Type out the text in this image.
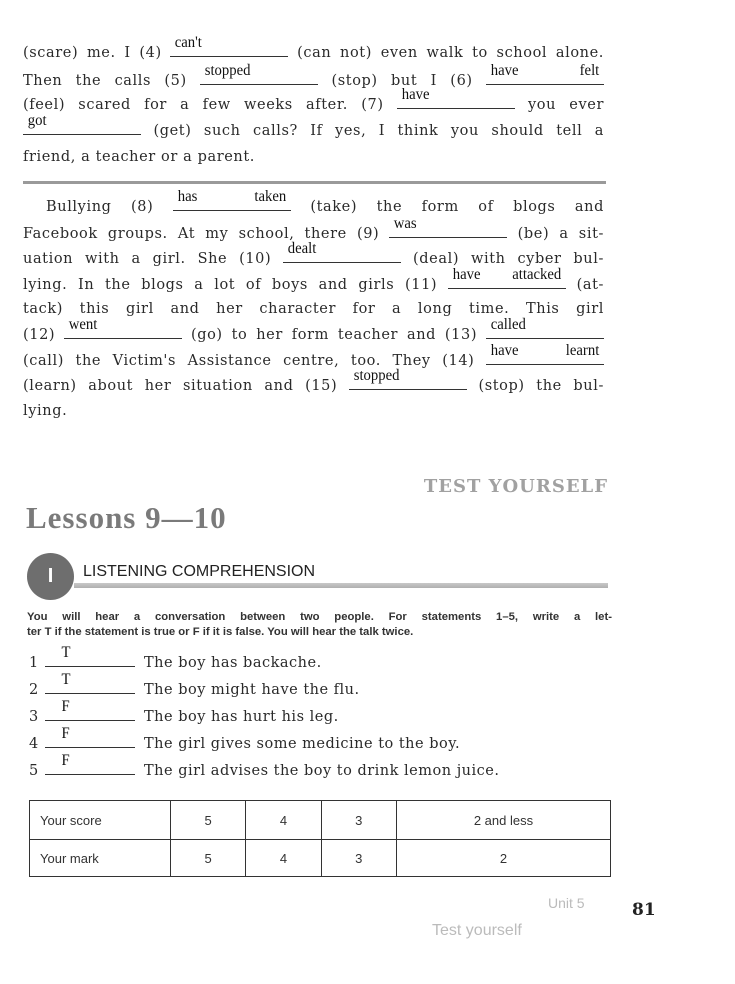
(scare) me. I (4)
can't
(can not) even walk to school alone.
Then the calls (5)
stopped
(stop) but I (6)
have felt
(feel) scared for a few weeks after. (7)
have
you ever
got
(get) such calls? If yes, I think you should tell a
friend, a teacher or a parent.
Bullying (8)
has taken
(take) the form of blogs and
Facebook groups. At my school, there (9)
was
(be) a sit-
uation with a girl. She (10)
dealt
(deal) with cyber bul-
lying. In the blogs a lot of boys and girls (11)
have attacked
(at-
tack) this girl and her character for a long time. This girl
(12)
went
(go) to her form teacher and (13)
called
(call) the Victim's Assistance centre, too. They (14)
have learnt
(learn) about her situation and (15)
stopped
(stop) the bul-
lying.
TEST YOURSELF
Lessons 9—10
I	LISTENING COMPREHENSION
You will hear a conversation between two people. For statements 1–5, write a let-
ter T if the statement is true or F if it is false. You will hear the talk twice.
1
T
The boy has backache.
2
T
The boy might have the flu.
3
F
The boy has hurt his leg.
4
F
The girl gives some medicine to the boy.
5
F
The girl advises the boy to drink lemon juice.
Your score	5	4	3	2 and less
Your mark	5	4	3	2
Unit 5	81
Test yourself
